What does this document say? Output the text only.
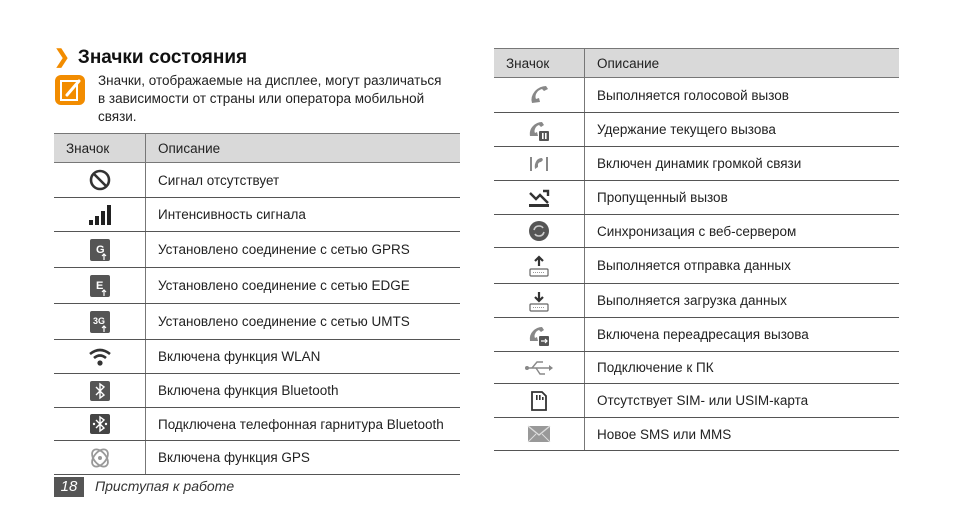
❯ Значки состояния
Значки, отображаемые на дисплее, могут различаться
в зависимости от страны или оператора мобильной
связи.
Значок	Описание

	Сигнал отсутствует

	Интенсивность сигнала

G	Установлено соединение с сетью GPRS

E	Установлено соединение с сетью EDGE

3G	Установлено соединение с сетью UMTS

	Включена функция WLAN

	Включена функция Bluetooth

	Подключена телефонная гарнитура Bluetooth

	Включена функция GPS
Значок	Описание

	Выполняется голосовой вызов

	Удержание текущего вызова

	Включен динамик громкой связи

	Пропущенный вызов

	Синхронизация с веб-сервером

	Выполняется отправка данных

	Выполняется загрузка данных

	Включена переадресация вызова

	Подключение к ПК

	Отсутствует SIM- или USIM-карта

	Новое SMS или MMS
18	Приступая к работе
